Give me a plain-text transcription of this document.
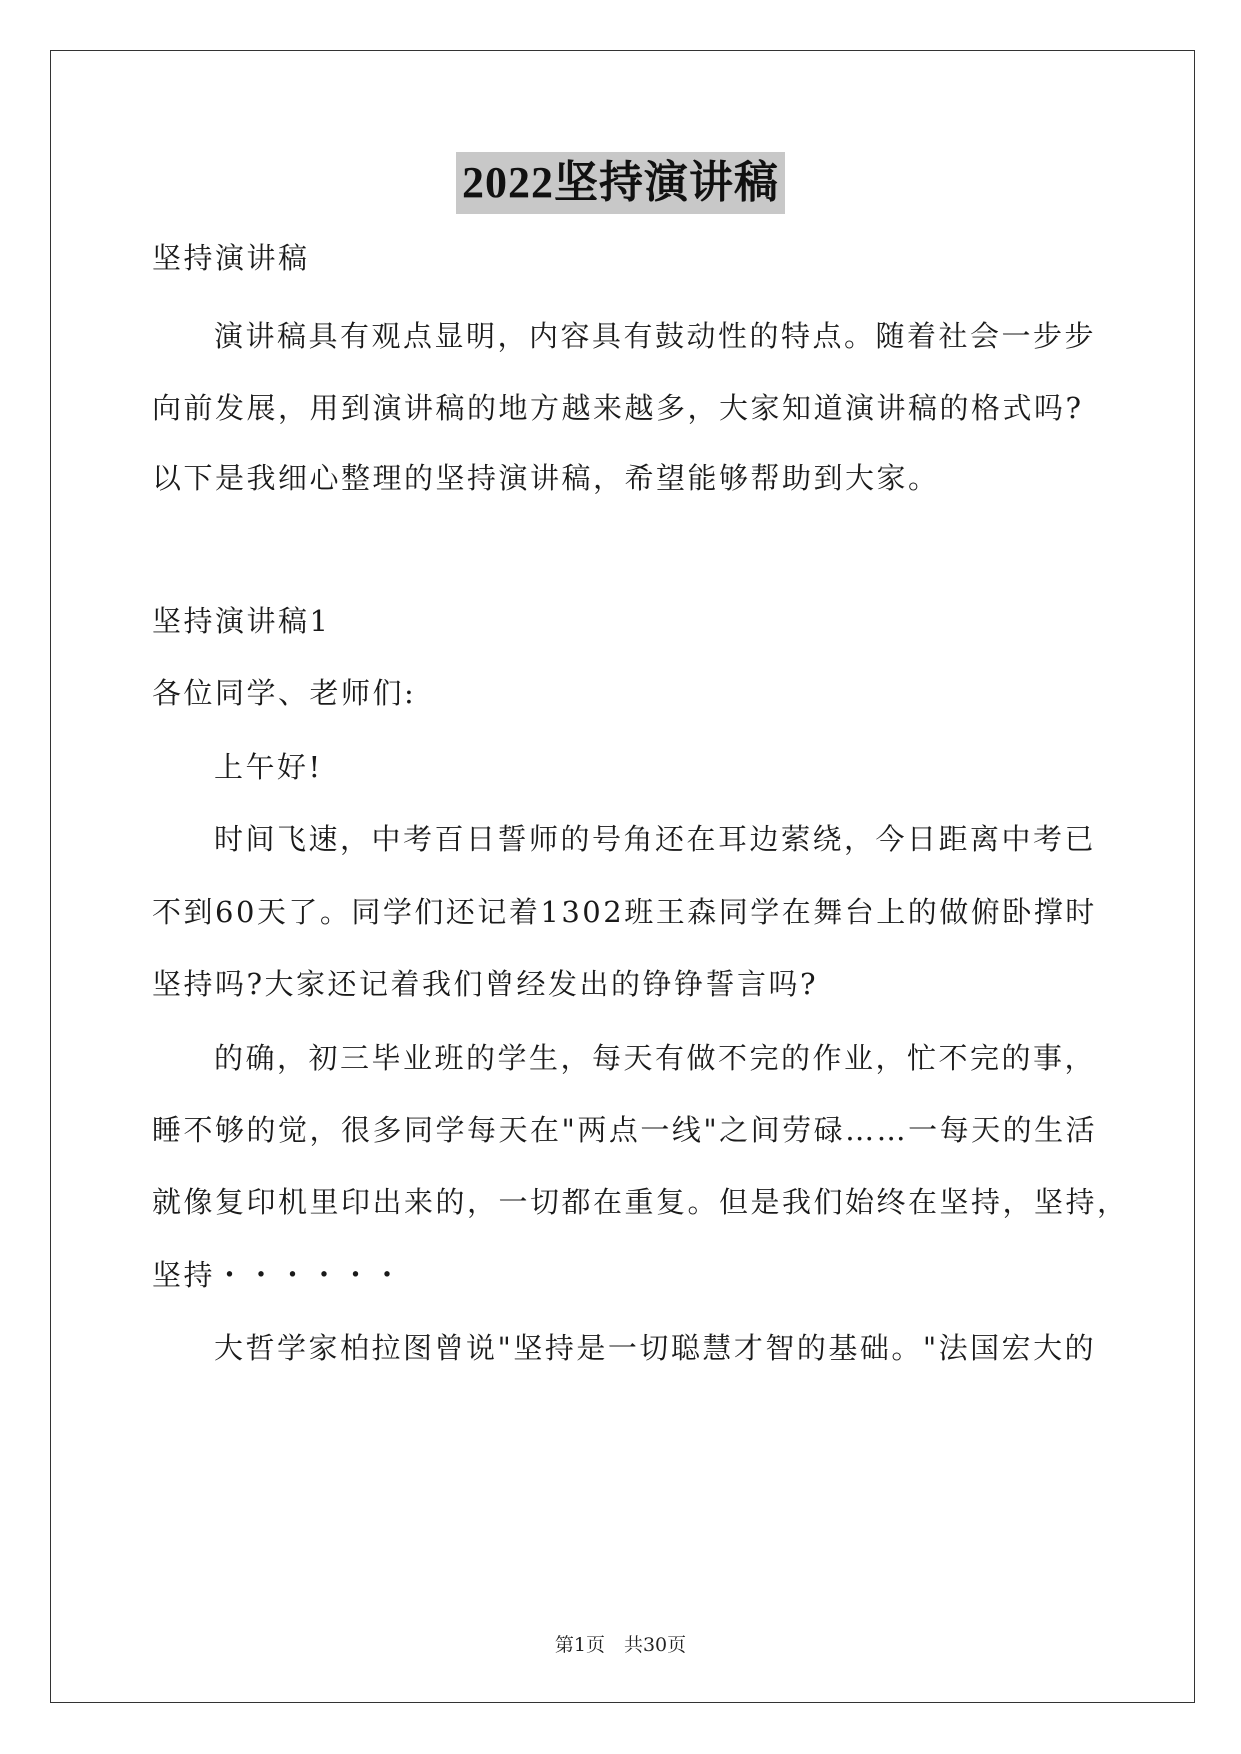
2022坚持演讲稿
坚持演讲稿
演讲稿具有观点显明，内容具有鼓动性的特点。随着社会一步步
向前发展，用到演讲稿的地方越来越多，大家知道演讲稿的格式吗?
以下是我细心整理的坚持演讲稿，希望能够帮助到大家。
坚持演讲稿1
各位同学、老师们:
上午好!
时间飞速，中考百日誓师的号角还在耳边萦绕，今日距离中考已
不到60天了。同学们还记着1302班王森同学在舞台上的做俯卧撑时
坚持吗?大家还记着我们曾经发出的铮铮誓言吗?
的确，初三毕业班的学生，每天有做不完的作业，忙不完的事，
睡不够的觉，很多同学每天在"两点一线"之间劳碌……一每天的生活
就像复印机里印出来的，一切都在重复。但是我们始终在坚持，坚持，
坚持・・・・・・
大哲学家柏拉图曾说"坚持是一切聪慧才智的基础。"法国宏大的
第1页　共30页
